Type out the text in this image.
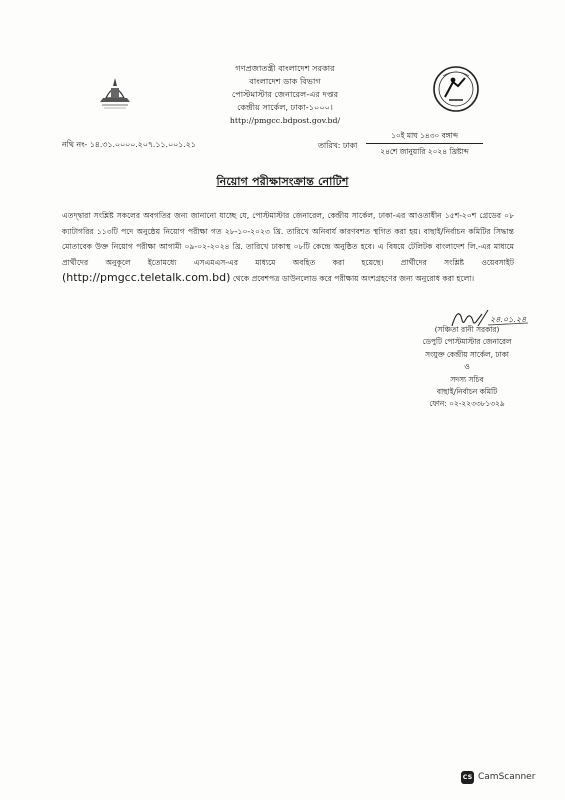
গণপ্রজাতন্ত্রী বাংলাদেশ সরকার
বাংলাদেশ ডাক বিভাগ
পোস্টমাস্টার জেনারেল-এর দপ্তর
কেন্দ্রীয় সার্কেল, ঢাকা-১০০০।
http://pmgcc.bdpost.gov.bd/
নথি নং- ১৪.৩১.০০০০.২০৭.১১.০০১.২১	তারিখ: ঢাকা
১০ই মাঘ ১৪৩০ বঙ্গাব্দ
২৪শে জানুয়ারি ২০২৪ খ্রিষ্টাব্দ
নিয়োগ পরীক্ষাসংক্রান্ত নোটিশ
এতদ্দ্বারা সংশ্লিষ্ট সকলের অবগতির জন্য জানানো যাচ্ছে যে, পোস্টমাস্টার জেনারেল, কেন্দ্রীয় সার্কেল, ঢাকা-এর আওতাধীন ১৫শ-২০শ গ্রেডের ০৮ ক্যাটাগরির ১১৩টি পদে অনুষ্ঠেয় নিয়োগ পরীক্ষা গত ২৮-১০-২০২৩ খ্রি. তারিখে অনিবার্য কারণবশত স্থগিত করা হয়। বাছাই/নির্বাচন কমিটির সিদ্ধান্ত মোতাবেক উক্ত নিয়োগ পরীক্ষা আগামী ০৯-০২-২০২৪ খ্রি. তারিখে ঢাকাস্থ ০৮টি কেন্দ্রে অনুষ্ঠিত হবে। এ বিষয়ে টেলিটক বাংলাদেশ লি.-এর মাধ্যমে প্রার্থীদের অনুকূলে ইতোমধ্যে এসএমএস-এর মাধ্যমে অবহিত করা হয়েছে। প্রার্থীদের সংশ্লিষ্ট ওয়েবসাইট (http://pmgcc.teletalk.com.bd) থেকে প্রবেশপত্র ডাউনলোড করে পরীক্ষায় অংশগ্রহণের জন্য অনুরোধ করা হলো।
২৪.০১.২৪
(সঞ্চিতা রানী সরকার)
ডেপুটি পোস্টমাস্টার জেনারেল
সংযুক্ত কেন্দ্রীয় সার্কেল, ঢাকা
ও
সদস্য সচিব
বাছাই/নির্বাচন কমিটি
ফোন: ০২-২২৩৩৮১৩২৯
CS CamScanner
